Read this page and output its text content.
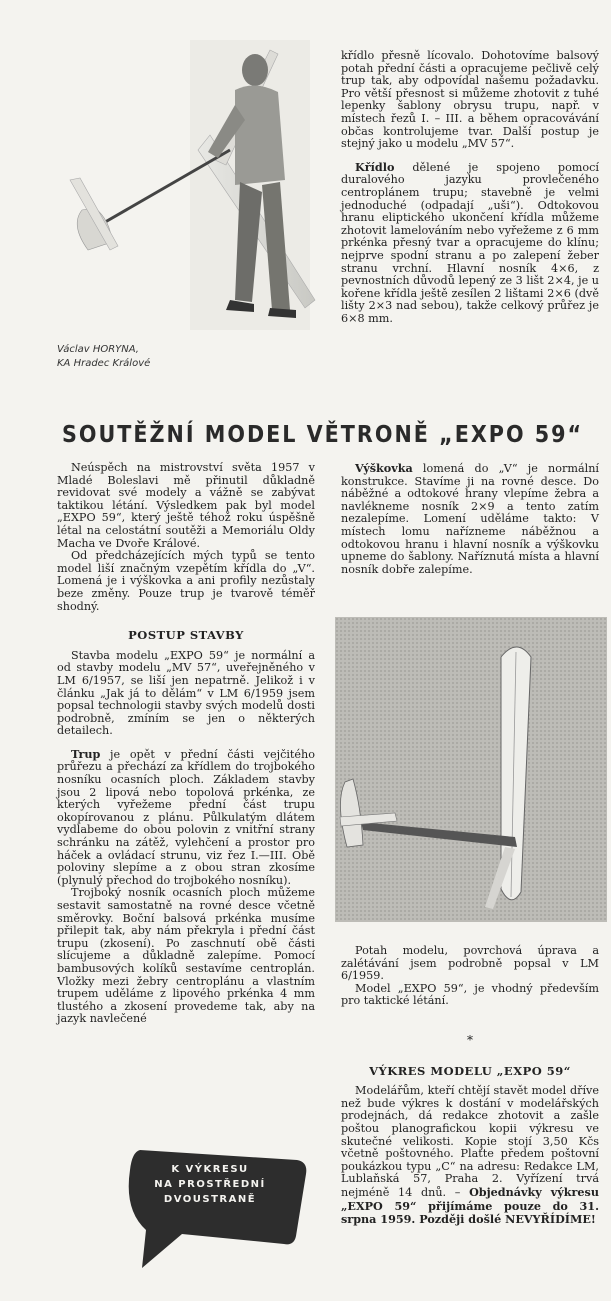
Václav HORYNA,
KA Hradec Králové

křídlo přesně lícovalo. Dohotovíme balsový potah přední části a opracujeme pečlivě celý trup tak, aby odpovídal našemu požadavku. Pro větší přesnost si můžeme zhotovit z tuhé lepenky šablony obrysu trupu, např. v místech řezů I. – III. a během opracovávání občas kontrolujeme tvar. Další postup je stejný jako u modelu „MV 57“.

Křídlo dělené je spojeno pomocí duralového jazyku provlečeného centroplánem trupu; stavebně je velmi jednoduché (odpadají „uši“). Odtokovou hranu eliptického ukončení křídla můžeme zhotovit lamelováním nebo vyřežeme z 6 mm prkénka přesný tvar a opracujeme do klínu; nejprve spodní stranu a po zalepení žeber stranu vrchní. Hlavní nosník 4×6, z pevnostních důvodů lepený ze 3 lišt 2×4, je u kořene křídla ještě zesílen 2 lištami 2×6 (dvě lišty 2×3 nad sebou), takže celkový průřez je 6×8 mm.

SOUTĚŽNÍ MODEL VĚTRONĚ „EXPO 59“

Neúspěch na mistrovství světa 1957 v Mladé Boleslavi mě přinutil důkladně revidovat své modely a vážně se zabývat taktikou létání. Výsledkem pak byl model „EXPO 59“, který ještě téhož roku úspěšně létal na celostátní soutěži a Memoriálu Oldy Macha ve Dvoře Králové.

Od předcházejících mých typů se tento model liší značným vzepětím křídla do „V“. Lomená je i výškovka a ani profily nezůstaly beze změny. Pouze trup je tvarově téměř shodný.

POSTUP STAVBY

Stavba modelu „EXPO 59“ je normální a od stavby modelu „MV 57“, uveřejněného v LM 6/1957, se liší jen nepatrně. Jelikož i v článku „Jak já to dělám“ v LM 6/1959 jsem popsal technologii stavby svých modelů dosti podrobně, zmíním se jen o některých detailech.

Trup je opět v přední části vejčitého průřezu a přechází za křídlem do trojbokého nosníku ocasních ploch. Základem stavby jsou 2 lipová nebo topolová prkénka, ze kterých vyřežeme přední část trupu okopírovanou z plánu. Půlkulatým dlátem vydlabeme do obou polovin z vnitřní strany schránku na zátěž, vylehčení a prostor pro háček a ovládací strunu, viz řez I.—III. Obě poloviny slepíme a z obou stran zkosíme (plynulý přechod do trojbokého nosníku).

Trojboký nosník ocasních ploch můžeme sestavit samostatně na rovné desce včetně směrovky. Boční balsová prkénka musíme přilepit tak, aby nám překryla i přední část trupu (zkosení). Po zaschnutí obě části slícujeme a důkladně zalepíme. Pomocí bambusových kolíků sestavíme centroplán. Vložky mezi žebry centroplánu a vlastním trupem uděláme z lipového prkénka 4 mm tlustého a zkosení provedeme tak, aby na jazyk navlečené

Výškovka lomená do „V“ je normální konstrukce. Stavíme ji na rovné desce. Do náběžné a odtokové hrany vlepíme žebra a navlékneme nosník 2×9 a tento zatím nezalepíme. Lomení uděláme takto: V místech lomu nařízneme náběžnou a odtokovou hranu i hlavní nosník a výškovku upneme do šablony. Naříznutá místa a hlavní nosník dobře zalepíme.

Potah modelu, povrchová úprava a zalétávání jsem podrobně popsal v LM 6/1959.

Model „EXPO 59“, je vhodný především pro taktické létání.

*
VÝKRES MODELU „EXPO 59“

Modelářům, kteří chtějí stavět model dříve než bude výkres k dostání v modelářských prodejnách, dá redakce zhotovit a zašle poštou planografickou kopii výkresu ve skutečné velikosti. Kopie stojí 3,50 Kčs včetně poštovného. Plaťte předem poštovní poukázkou typu „C“ na adresu: Redakce LM, Lublaňská 57, Praha 2. Vyřízení trvá nejméně 14 dnů. – Objednávky výkresu „EXPO 59“ přijímáme pouze do 31. srpna 1959. Později došlé NEVYŘÍDÍME!

K VÝKRESU
NA PROSTŘEDNÍ
DVOUSTRANĚ
